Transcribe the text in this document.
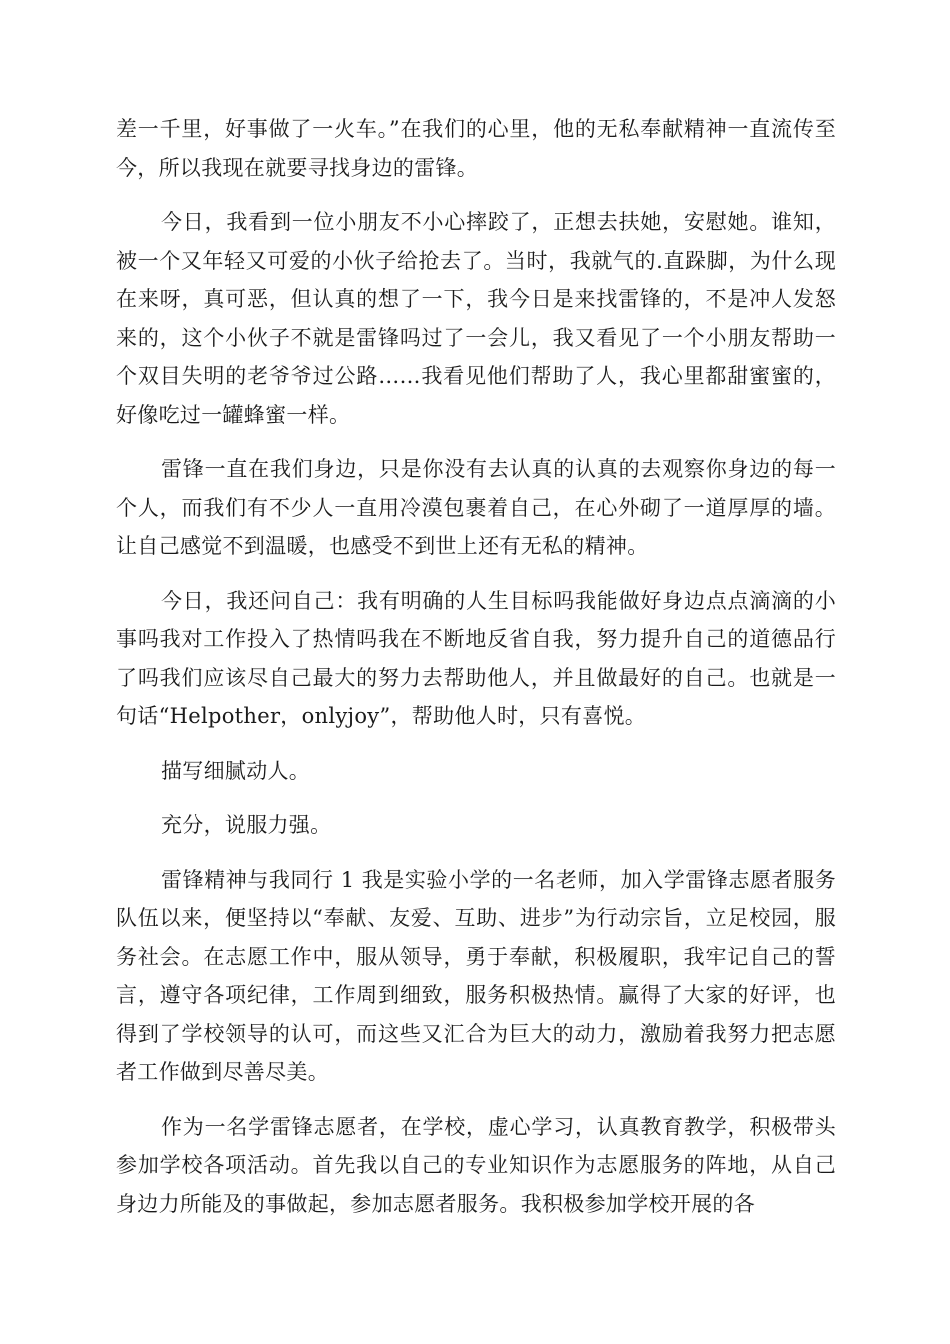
差一千里，好事做了一火车。”在我们的心里，他的无私奉献精神一直流传至今，所以我现在就要寻找身边的雷锋。

今日，我看到一位小朋友不小心摔跤了，正想去扶她，安慰她。谁知，被一个又年轻又可爱的小伙子给抢去了。当时，我就气的.直跺脚，为什么现在来呀，真可恶，但认真的想了一下，我今日是来找雷锋的，不是冲人发怒来的，这个小伙子不就是雷锋吗过了一会儿，我又看见了一个小朋友帮助一个双目失明的老爷爷过公路……我看见他们帮助了人，我心里都甜蜜蜜的，好像吃过一罐蜂蜜一样。

雷锋一直在我们身边，只是你没有去认真的认真的去观察你身边的每一个人，而我们有不少人一直用冷漠包裹着自己，在心外砌了一道厚厚的墙。让自己感觉不到温暖，也感受不到世上还有无私的精神。

今日，我还问自己：我有明确的人生目标吗我能做好身边点点滴滴的小事吗我对工作投入了热情吗我在不断地反省自我，努力提升自己的道德品行了吗我们应该尽自己最大的努力去帮助他人，并且做最好的自己。也就是一句话“Helpother，onlyjoy”，帮助他人时，只有喜悦。

描写细腻动人。

充分，说服力强。

雷锋精神与我同行 1 我是实验小学的一名老师，加入学雷锋志愿者服务队伍以来，便坚持以“奉献、友爱、互助、进步”为行动宗旨，立足校园，服务社会。在志愿工作中，服从领导，勇于奉献，积极履职，我牢记自己的誓言，遵守各项纪律，工作周到细致，服务积极热情。赢得了大家的好评，也得到了学校领导的认可，而这些又汇合为巨大的动力，激励着我努力把志愿者工作做到尽善尽美。

作为一名学雷锋志愿者，在学校，虚心学习，认真教育教学，积极带头参加学校各项活动。首先我以自己的专业知识作为志愿服务的阵地，从自己身边力所能及的事做起，参加志愿者服务。我积极参加学校开展的各
